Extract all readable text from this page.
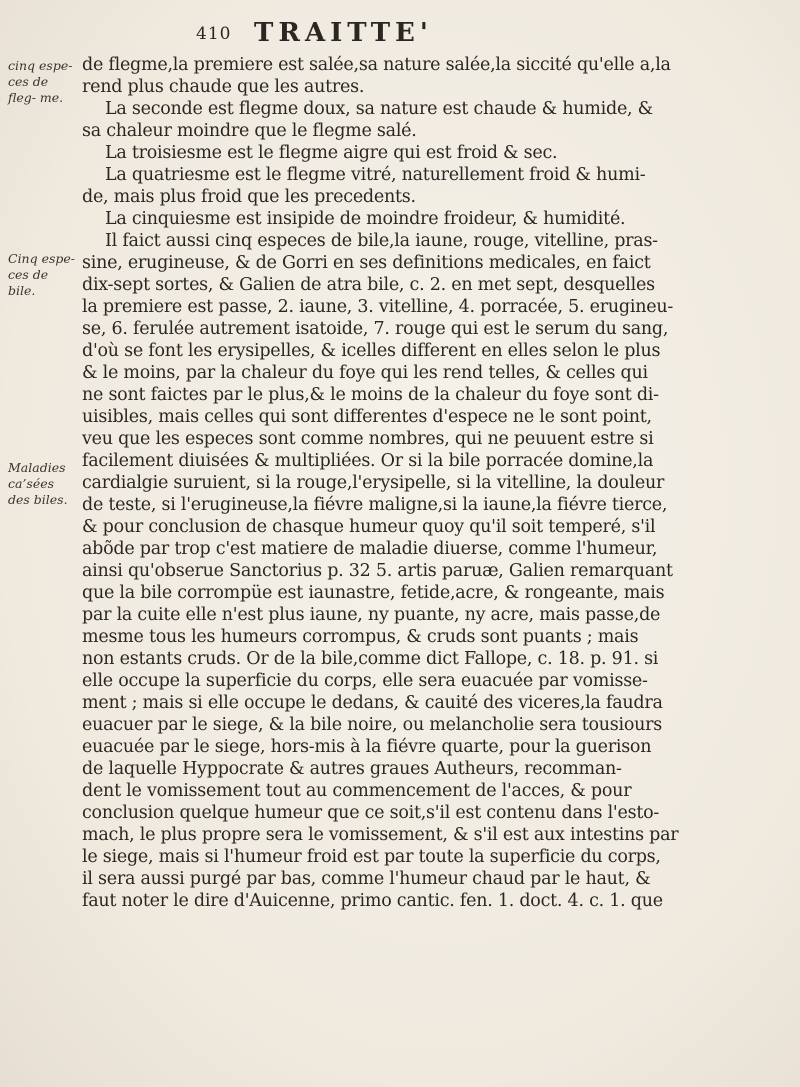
410 TRAITTE'
cinq espe- ces de fleg- me.
Cinq espe- ces de bile.
Maladies ca’sées des biles.
de flegme,la premiere est salée,sa nature salée,la siccité qu'elle a,la
rend plus chaude que les autres.
La seconde est flegme doux, sa nature est chaude & humide, &
sa chaleur moindre que le flegme salé.
La troisiesme est le flegme aigre qui est froid & sec.
La quatriesme est le flegme vitré, naturellement froid & humi-
de, mais plus froid que les precedents.
La cinquiesme est insipide de moindre froideur, & humidité.
Il faict aussi cinq especes de bile,la iaune, rouge, vitelline, pras-
sine, erugineuse, & de Gorri en ses definitions medicales, en faict
dix-sept sortes, & Galien de atra bile, c. 2. en met sept, desquelles
la premiere est passe, 2. iaune, 3. vitelline, 4. porracée, 5. erugineu-
se, 6. ferulée autrement isatoide, 7. rouge qui est le serum du sang,
d'où se font les erysipelles, & icelles different en elles selon le plus
& le moins, par la chaleur du foye qui les rend telles, & celles qui
ne sont faictes par le plus,& le moins de la chaleur du foye sont di-
uisibles, mais celles qui sont differentes d'espece ne le sont point,
veu que les especes sont comme nombres, qui ne peuuent estre si
facilement diuisées & multipliées. Or si la bile porracée domine,la
cardialgie suruient, si la rouge,l'erysipelle, si la vitelline, la douleur
de teste, si l'erugineuse,la fiévre maligne,si la iaune,la fiévre tierce,
& pour conclusion de chasque humeur quoy qu'il soit temperé, s'il
abõde par trop c'est matiere de maladie diuerse, comme l'humeur,
ainsi qu'obserue Sanctorius p. 32 5. artis paruæ, Galien remarquant
que la bile corrompüe est iaunastre, fetide,acre, & rongeante, mais
par la cuite elle n'est plus iaune, ny puante, ny acre, mais passe,de
mesme tous les humeurs corrompus, & cruds sont puants ; mais
non estants cruds. Or de la bile,comme dict Fallope, c. 18. p. 91. si
elle occupe la superficie du corps, elle sera euacuée par vomisse-
ment ; mais si elle occupe le dedans, & cauité des viceres,la faudra
euacuer par le siege, & la bile noire, ou melancholie sera tousiours
euacuée par le siege, hors-mis à la fiévre quarte, pour la guerison
de laquelle Hyppocrate & autres graues Autheurs, recomman-
dent le vomissement tout au commencement de l'acces, & pour
conclusion quelque humeur que ce soit,s'il est contenu dans l'esto-
mach, le plus propre sera le vomissement, & s'il est aux intestins par
le siege, mais si l'humeur froid est par toute la superficie du corps,
il sera aussi purgé par bas, comme l'humeur chaud par le haut, &
faut noter le dire d'Auicenne, primo cantic. fen. 1. doct. 4. c. 1. que
